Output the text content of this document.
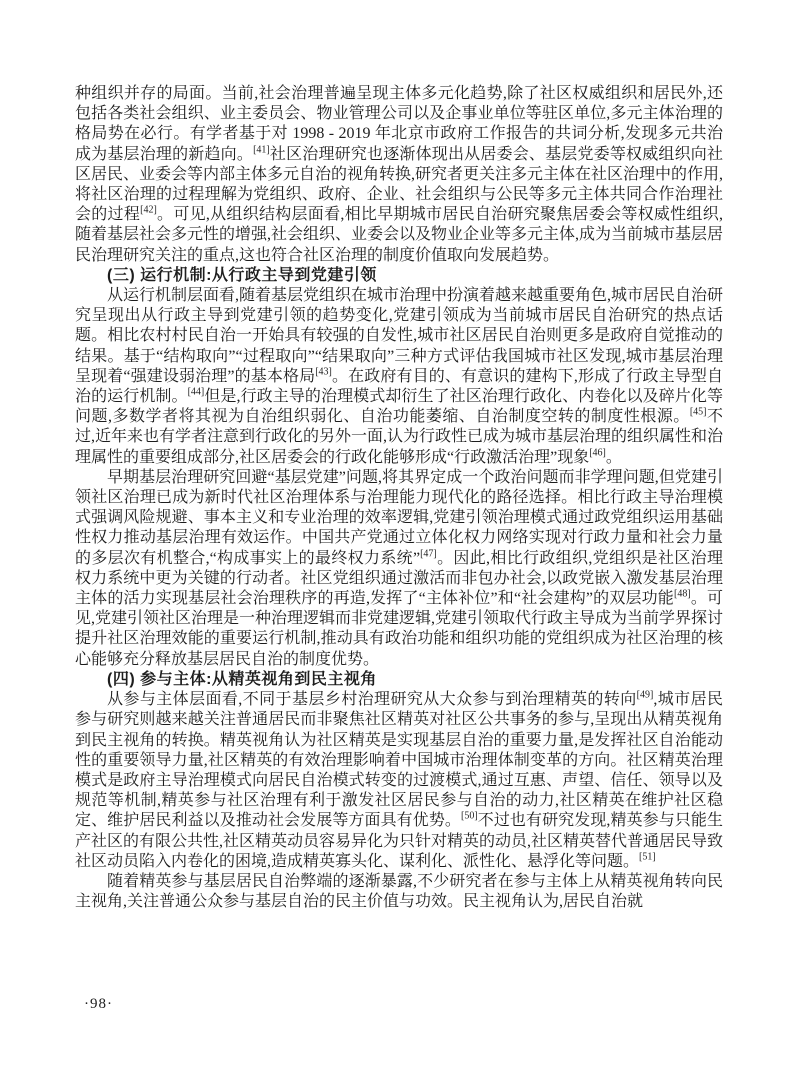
种组织并存的局面。当前,社会治理普遍呈现主体多元化趋势,除了社区权威组织和居民外,还包括各类社会组织、业主委员会、物业管理公司以及企事业单位等驻区单位,多元主体治理的格局势在必行。有学者基于对 1998 - 2019 年北京市政府工作报告的共词分析,发现多元共治成为基层治理的新趋向。[41]社区治理研究也逐渐体现出从居委会、基层党委等权威组织向社区居民、业委会等内部主体多元自治的视角转换,研究者更关注多元主体在社区治理中的作用,将社区治理的过程理解为党组织、政府、企业、社会组织与公民等多元主体共同合作治理社会的过程[42]。可见,从组织结构层面看,相比早期城市居民自治研究聚焦居委会等权威性组织,随着基层社会多元性的增强,社会组织、业委会以及物业企业等多元主体,成为当前城市基层居民治理研究关注的重点,这也符合社区治理的制度价值取向发展趋势。

(三) 运行机制:从行政主导到党建引领

从运行机制层面看,随着基层党组织在城市治理中扮演着越来越重要角色,城市居民自治研究呈现出从行政主导到党建引领的趋势变化,党建引领成为当前城市居民自治研究的热点话题。相比农村村民自治一开始具有较强的自发性,城市社区居民自治则更多是政府自觉推动的结果。基于“结构取向”“过程取向”“结果取向”三种方式评估我国城市社区发现,城市基层治理呈现着“强建设弱治理”的基本格局[43]。在政府有目的、有意识的建构下,形成了行政主导型自治的运行机制。[44]但是,行政主导的治理模式却衍生了社区治理行政化、内卷化以及碎片化等问题,多数学者将其视为自治组织弱化、自治功能萎缩、自治制度空转的制度性根源。[45]不过,近年来也有学者注意到行政化的另外一面,认为行政性已成为城市基层治理的组织属性和治理属性的重要组成部分,社区居委会的行政化能够形成“行政激活治理”现象[46]。

早期基层治理研究回避“基层党建”问题,将其界定成一个政治问题而非学理问题,但党建引领社区治理已成为新时代社区治理体系与治理能力现代化的路径选择。相比行政主导治理模式强调风险规避、事本主义和专业治理的效率逻辑,党建引领治理模式通过政党组织运用基础性权力推动基层治理有效运作。中国共产党通过立体化权力网络实现对行政力量和社会力量的多层次有机整合,“构成事实上的最终权力系统”[47]。因此,相比行政组织,党组织是社区治理权力系统中更为关键的行动者。社区党组织通过激活而非包办社会,以政党嵌入激发基层治理主体的活力实现基层社会治理秩序的再造,发挥了“主体补位”和“社会建构”的双层功能[48]。可见,党建引领社区治理是一种治理逻辑而非党建逻辑,党建引领取代行政主导成为当前学界探讨提升社区治理效能的重要运行机制,推动具有政治功能和组织功能的党组织成为社区治理的核心能够充分释放基层居民自治的制度优势。

(四) 参与主体:从精英视角到民主视角

从参与主体层面看,不同于基层乡村治理研究从大众参与到治理精英的转向[49],城市居民参与研究则越来越关注普通居民而非聚焦社区精英对社区公共事务的参与,呈现出从精英视角到民主视角的转换。精英视角认为社区精英是实现基层自治的重要力量,是发挥社区自治能动性的重要领导力量,社区精英的有效治理影响着中国城市治理体制变革的方向。社区精英治理模式是政府主导治理模式向居民自治模式转变的过渡模式,通过互惠、声望、信任、领导以及规范等机制,精英参与社区治理有利于激发社区居民参与自治的动力,社区精英在维护社区稳定、维护居民利益以及推动社会发展等方面具有优势。[50]不过也有研究发现,精英参与只能生产社区的有限公共性,社区精英动员容易异化为只针对精英的动员,社区精英替代普通居民导致社区动员陷入内卷化的困境,造成精英寡头化、谋利化、派性化、悬浮化等问题。[51]

随着精英参与基层居民自治弊端的逐渐暴露,不少研究者在参与主体上从精英视角转向民主视角,关注普通公众参与基层自治的民主价值与功效。民主视角认为,居民自治就

·98·
